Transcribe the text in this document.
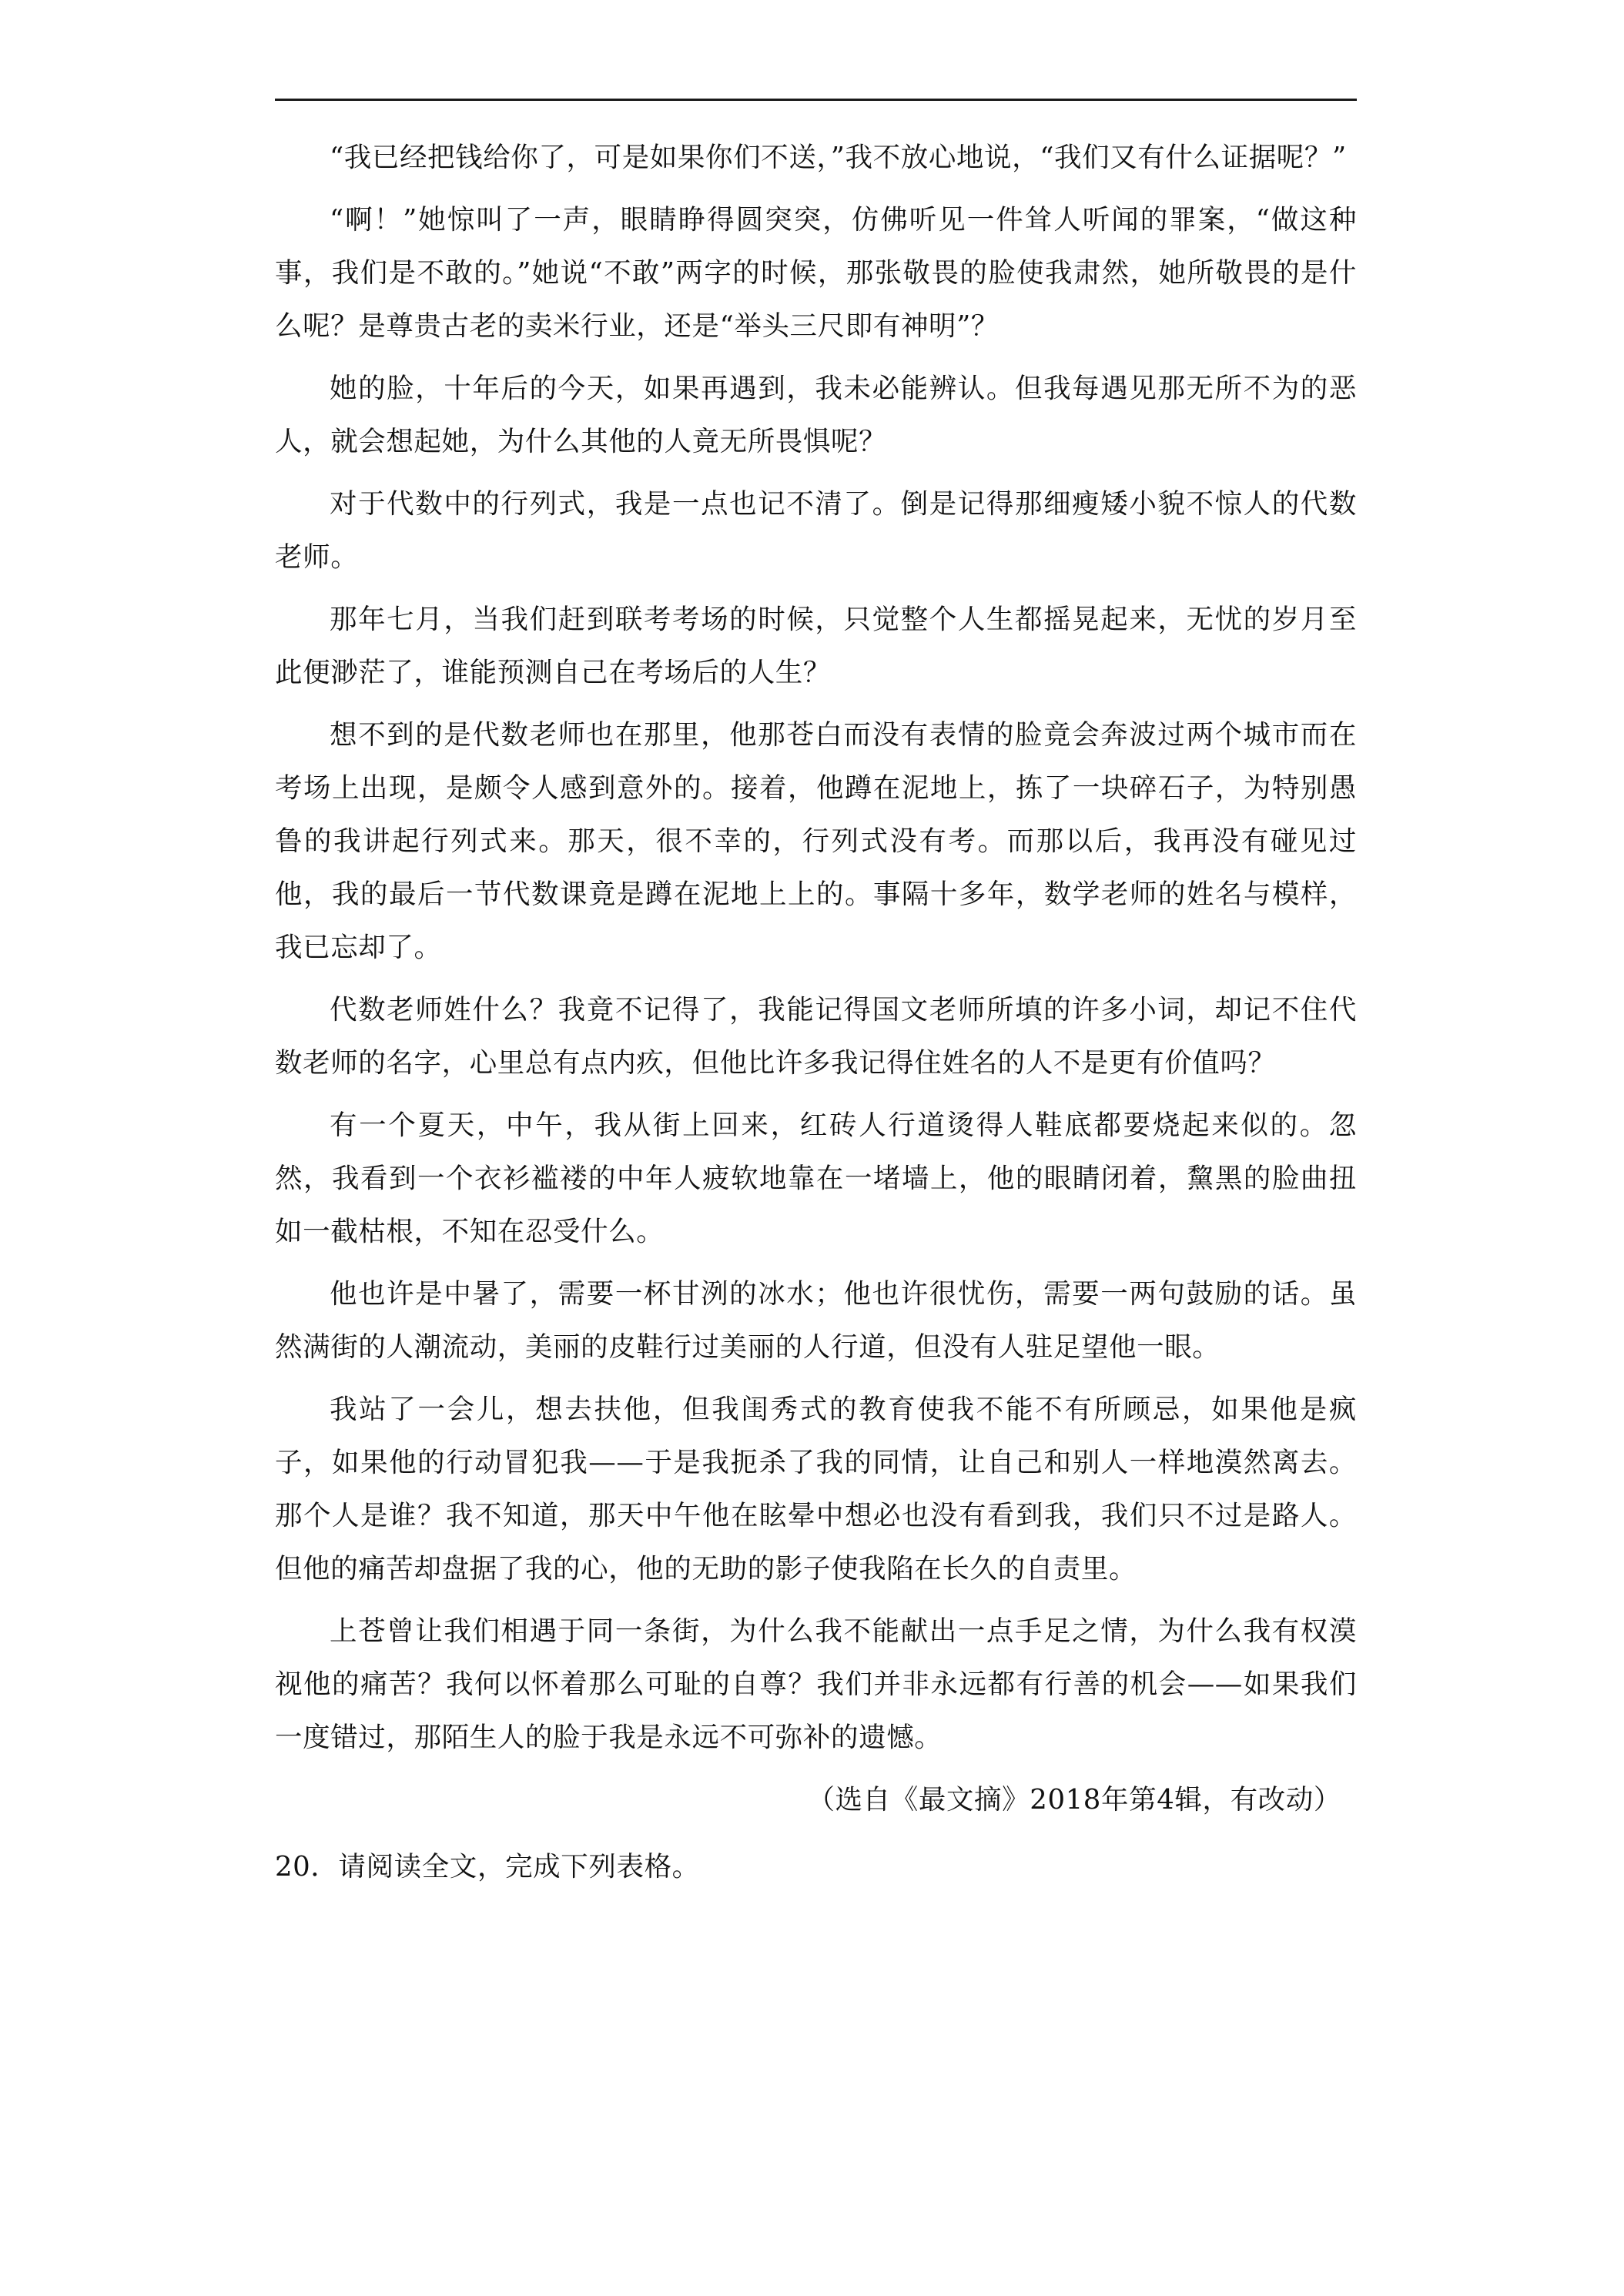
“我已经把钱给你了，可是如果你们不送，”我不放心地说，“我们又有什么证据呢？”

“啊！”她惊叫了一声，眼睛睁得圆突突，仿佛听见一件耸人听闻的罪案，“做这种事，我们是不敢的。”她说“不敢”两字的时候，那张敬畏的脸使我肃然，她所敬畏的是什么呢？是尊贵古老的卖米行业，还是“举头三尺即有神明”？

她的脸，十年后的今天，如果再遇到，我未必能辨认。但我每遇见那无所不为的恶人，就会想起她，为什么其他的人竟无所畏惧呢？

对于代数中的行列式，我是一点也记不清了。倒是记得那细瘦矮小貌不惊人的代数老师。

那年七月，当我们赶到联考考场的时候，只觉整个人生都摇晃起来，无忧的岁月至此便渺茫了，谁能预测自己在考场后的人生？

想不到的是代数老师也在那里，他那苍白而没有表情的脸竟会奔波过两个城市而在考场上出现，是颇令人感到意外的。接着，他蹲在泥地上，拣了一块碎石子，为特别愚鲁的我讲起行列式来。那天，很不幸的，行列式没有考。而那以后，我再没有碰见过他，我的最后一节代数课竟是蹲在泥地上上的。事隔十多年，数学老师的姓名与模样，我已忘却了。

代数老师姓什么？我竟不记得了，我能记得国文老师所填的许多小词，却记不住代数老师的名字，心里总有点内疚，但他比许多我记得住姓名的人不是更有价值吗？

有一个夏天，中午，我从街上回来，红砖人行道烫得人鞋底都要烧起来似的。忽然，我看到一个衣衫褴褛的中年人疲软地靠在一堵墙上，他的眼睛闭着，黧黑的脸曲扭如一截枯根，不知在忍受什么。

他也许是中暑了，需要一杯甘洌的冰水；他也许很忧伤，需要一两句鼓励的话。虽然满街的人潮流动，美丽的皮鞋行过美丽的人行道，但没有人驻足望他一眼。

我站了一会儿，想去扶他，但我闺秀式的教育使我不能不有所顾忌，如果他是疯子，如果他的行动冒犯我——于是我扼杀了我的同情，让自己和别人一样地漠然离去。那个人是谁？我不知道，那天中午他在眩晕中想必也没有看到我，我们只不过是路人。但他的痛苦却盘据了我的心，他的无助的影子使我陷在长久的自责里。

上苍曾让我们相遇于同一条街，为什么我不能献出一点手足之情，为什么我有权漠视他的痛苦？我何以怀着那么可耻的自尊？我们并非永远都有行善的机会——如果我们一度错过，那陌生人的脸于我是永远不可弥补的遗憾。

（选自《最文摘》2018年第4辑，有改动）

20．请阅读全文，完成下列表格。
